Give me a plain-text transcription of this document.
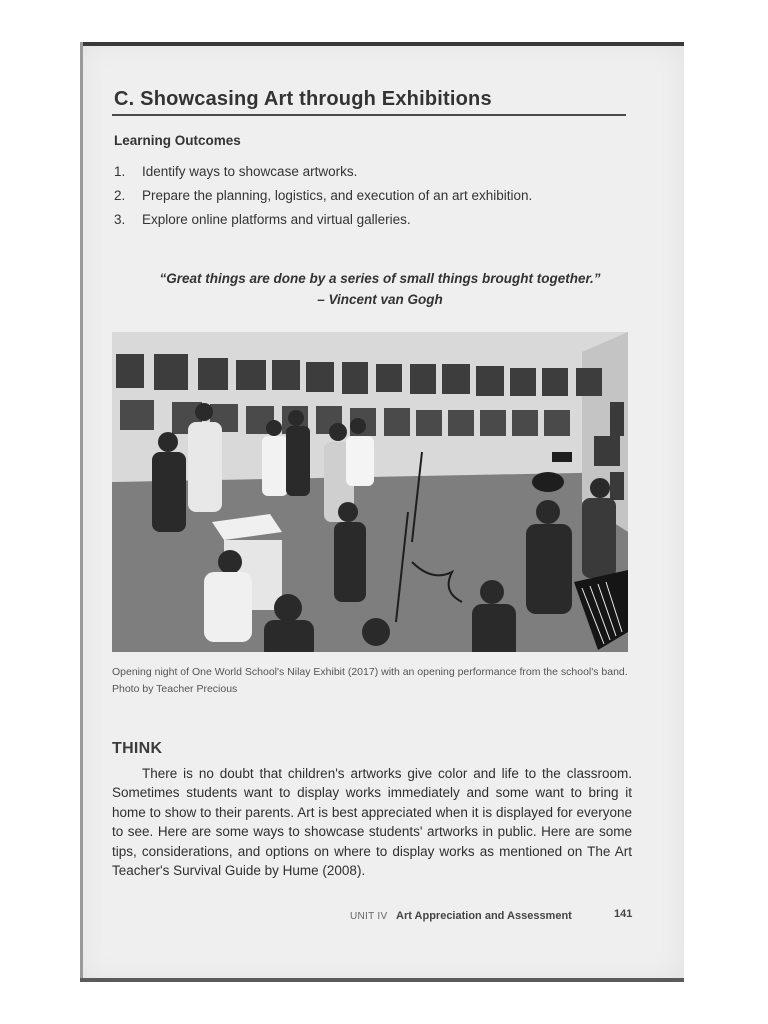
C. Showcasing Art through Exhibitions
Learning Outcomes
1. Identify ways to showcase artworks.
2. Prepare the planning, logistics, and execution of an art exhibition.
3. Explore online platforms and virtual galleries.
“Great things are done by a series of small things brought together.”
– Vincent van Gogh
Opening night of One World School's Nilay Exhibit (2017) with an opening performance from the school's band. Photo by Teacher Precious
THINK
There is no doubt that children's artworks give color and life to the classroom. Sometimes students want to display works immediately and some want to bring it home to show to their parents. Art is best appreciated when it is displayed for everyone to see. Here are some ways to showcase students' artworks in public. Here are some tips, considerations, and options on where to display works as mentioned on The Art Teacher's Survival Guide by Hume (2008).
UNIT IV Art Appreciation and Assessment	141
